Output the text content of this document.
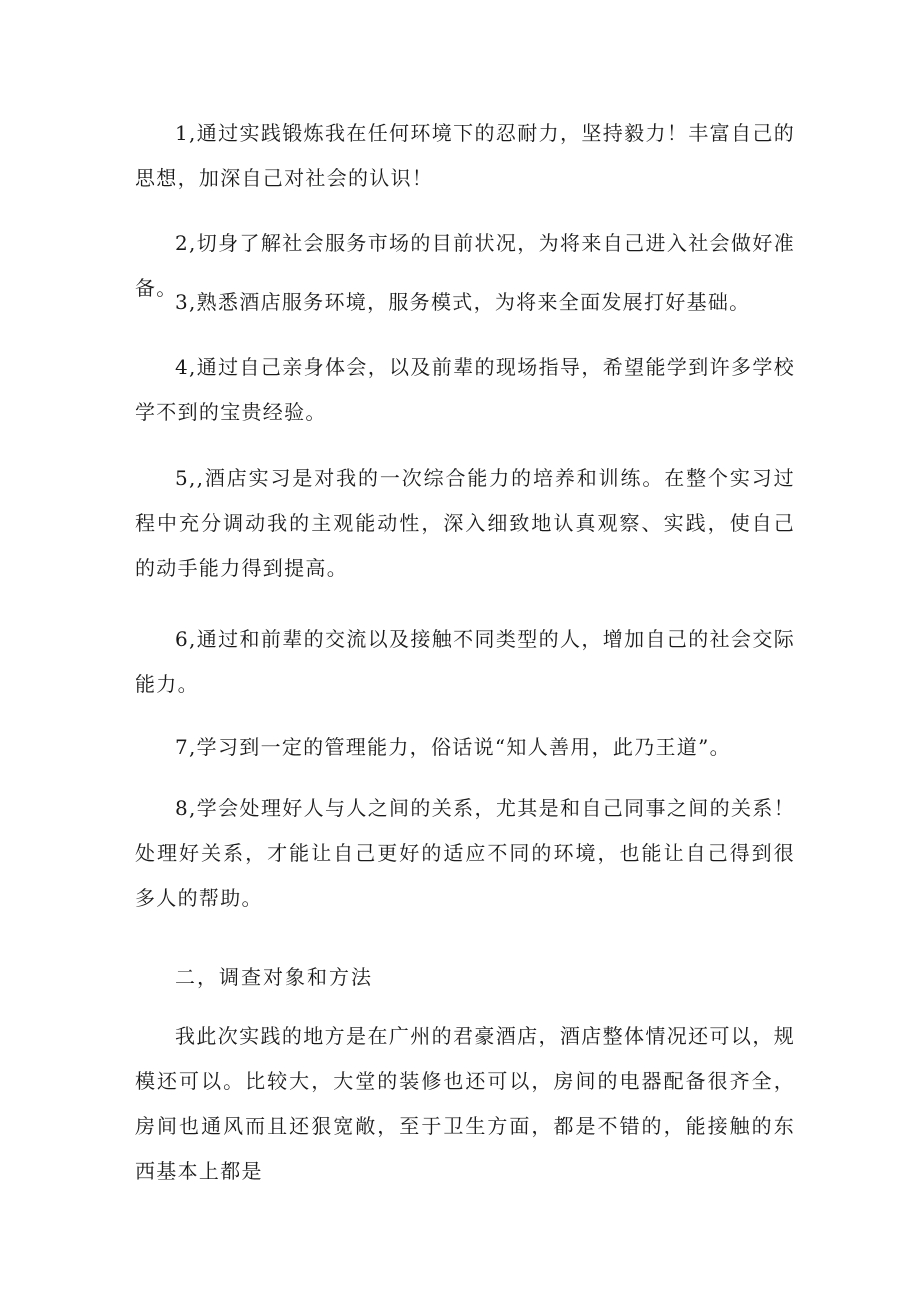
1,通过实践锻炼我在任何环境下的忍耐力，坚持毅力！丰富自己的思想，加深自己对社会的认识！

2,切身了解社会服务市场的目前状况，为将来自己进入社会做好准备。

3,熟悉酒店服务环境，服务模式，为将来全面发展打好基础。

4,通过自己亲身体会，以及前辈的现场指导，希望能学到许多学校学不到的宝贵经验。

5,,酒店实习是对我的一次综合能力的培养和训练。在整个实习过程中充分调动我的主观能动性，深入细致地认真观察、实践，使自己的动手能力得到提高。

6,通过和前辈的交流以及接触不同类型的人，增加自己的社会交际能力。

7,学习到一定的管理能力，俗话说“知人善用，此乃王道”。

8,学会处理好人与人之间的关系，尤其是和自己同事之间的关系！处理好关系，才能让自己更好的适应不同的环境，也能让自己得到很多人的帮助。

二，调查对象和方法

我此次实践的地方是在广州的君豪酒店，酒店整体情况还可以，规模还可以。比较大，大堂的装修也还可以，房间的电器配备很齐全，房间也通风而且还狠宽敞，至于卫生方面，都是不错的，能接触的东西基本上都是
